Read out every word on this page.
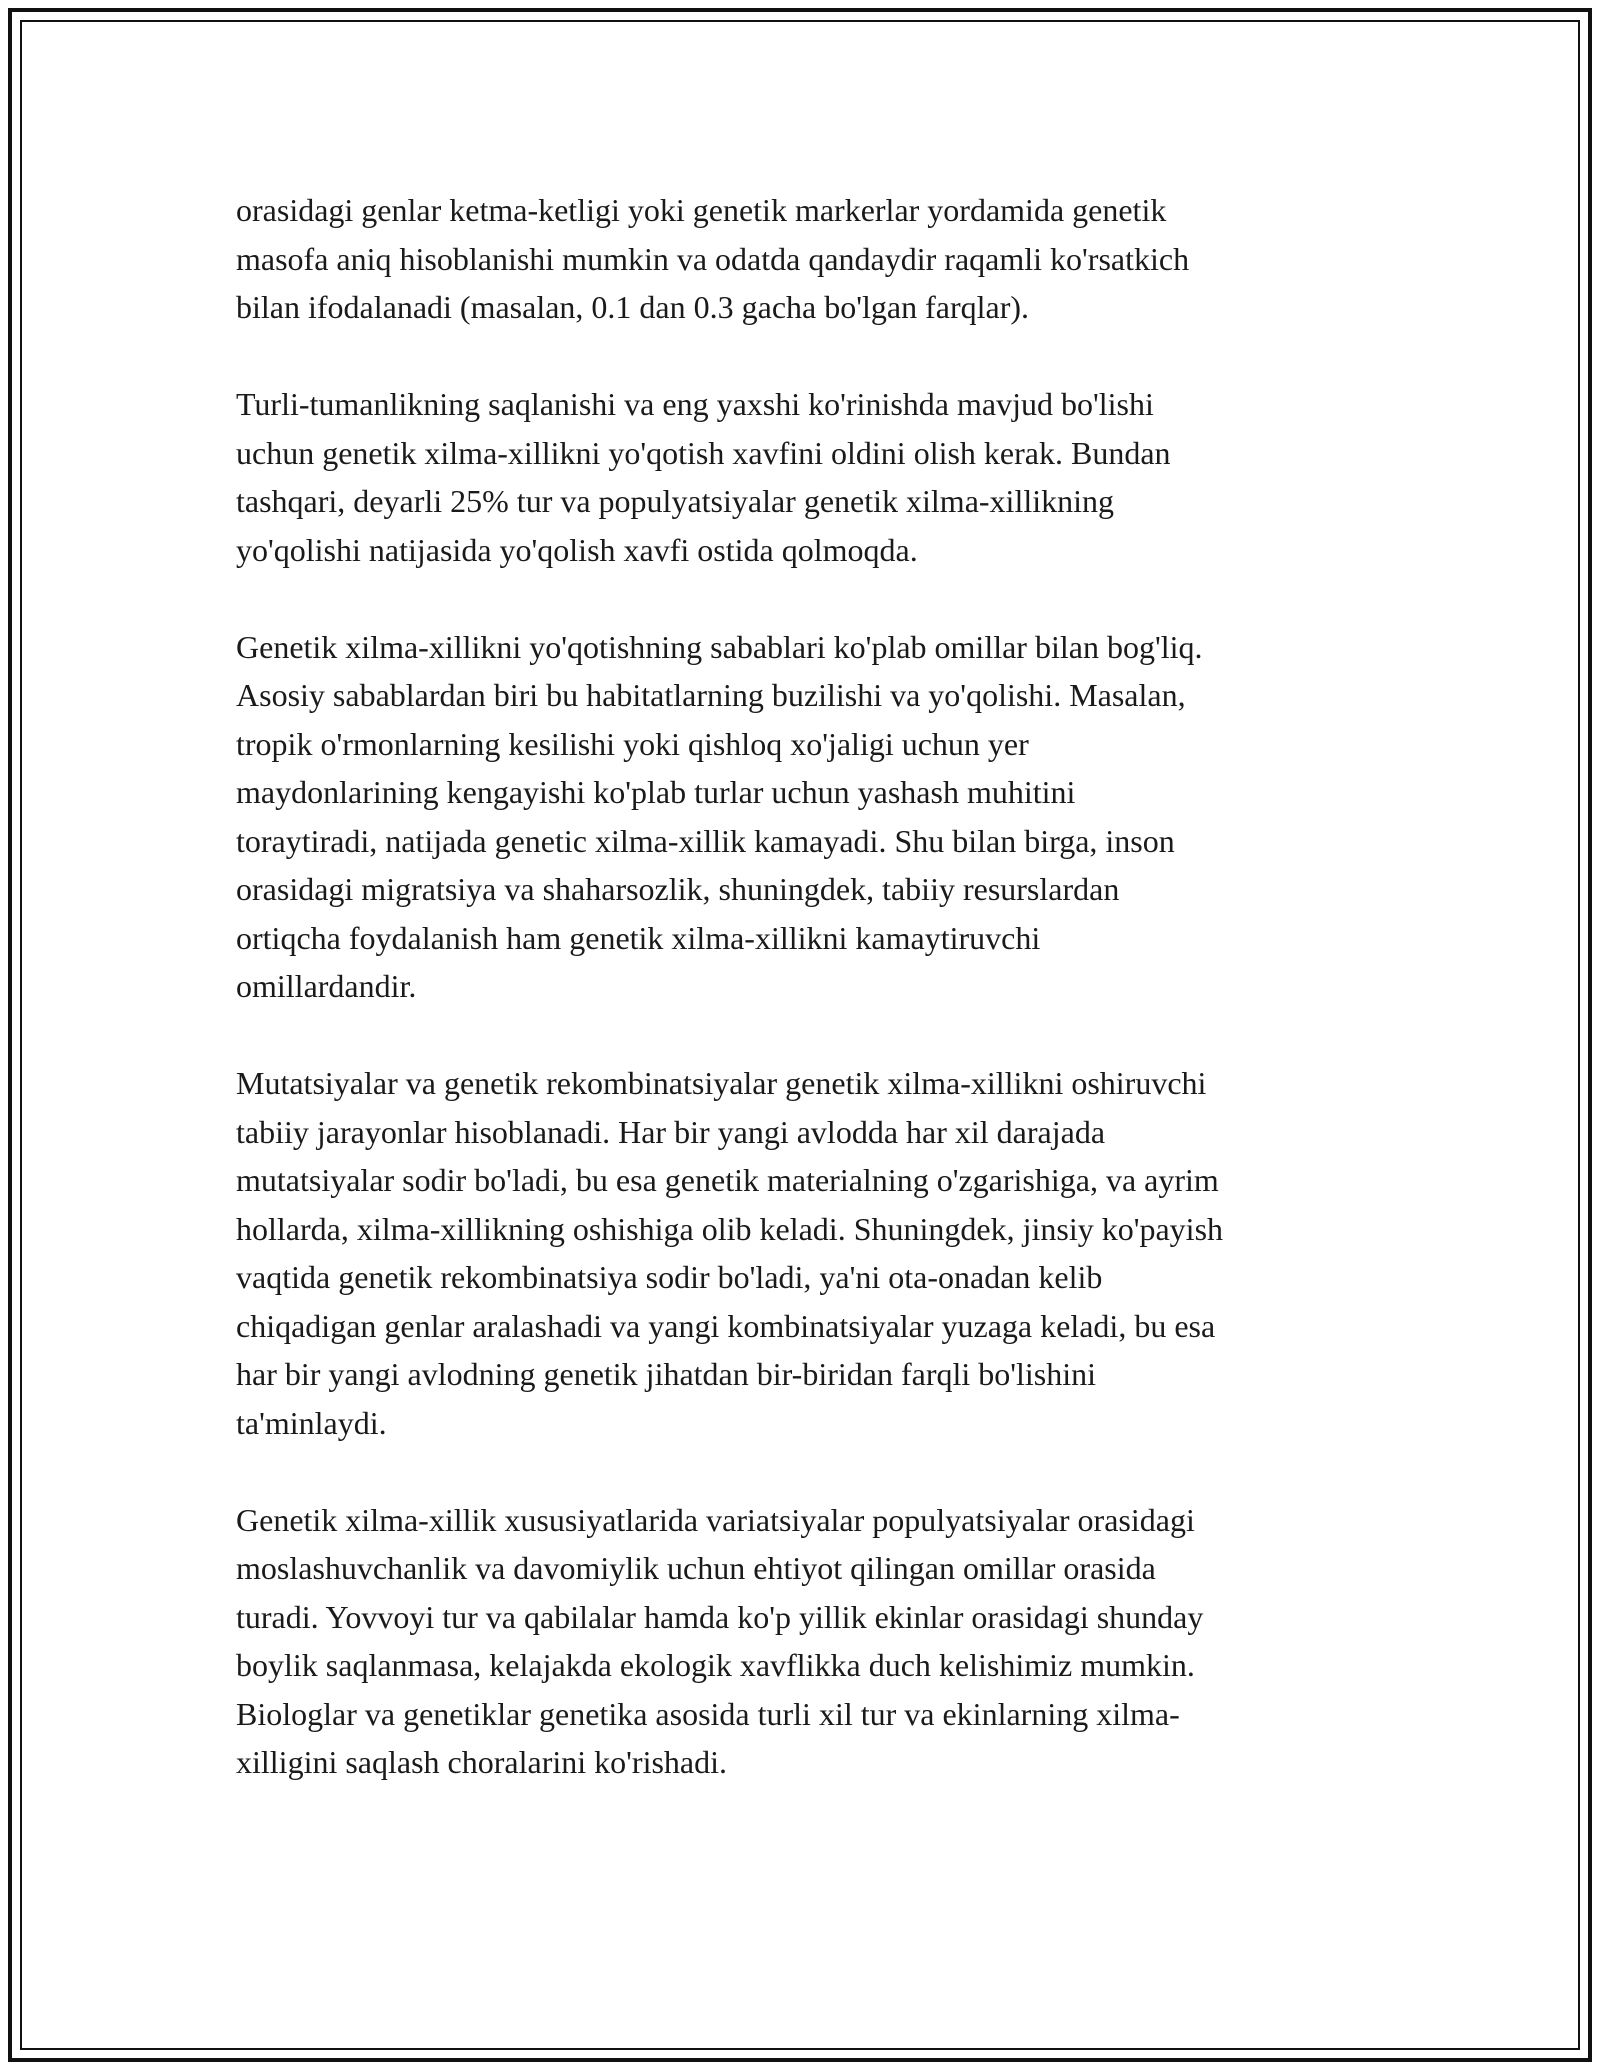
orasidagi genlar ketma-ketligi yoki genetik markerlar yordamida genetik
masofa aniq hisoblanishi mumkin va odatda qandaydir raqamli ko'rsatkich
bilan ifodalanadi (masalan, 0.1 dan 0.3 gacha bo'lgan farqlar).

Turli-tumanlikning saqlanishi va eng yaxshi ko'rinishda mavjud bo'lishi
uchun genetik xilma-xillikni yo'qotish xavfini oldini olish kerak. Bundan
tashqari, deyarli 25% tur va populyatsiyalar genetik xilma-xillikning
yo'qolishi natijasida yo'qolish xavfi ostida qolmoqda.

Genetik xilma-xillikni yo'qotishning sabablari ko'plab omillar bilan bog'liq.
Asosiy sabablardan biri bu habitatlarning buzilishi va yo'qolishi. Masalan,
tropik o'rmonlarning kesilishi yoki qishloq xo'jaligi uchun yer
maydonlarining kengayishi ko'plab turlar uchun yashash muhitini
toraytiradi, natijada genetic xilma-xillik kamayadi. Shu bilan birga, inson
orasidagi migratsiya va shaharsozlik, shuningdek, tabiiy resurslardan
ortiqcha foydalanish ham genetik xilma-xillikni kamaytiruvchi
omillardandir.

Mutatsiyalar va genetik rekombinatsiyalar genetik xilma-xillikni oshiruvchi
tabiiy jarayonlar hisoblanadi. Har bir yangi avlodda har xil darajada
mutatsiyalar sodir bo'ladi, bu esa genetik materialning o'zgarishiga, va ayrim
hollarda, xilma-xillikning oshishiga olib keladi. Shuningdek, jinsiy ko'payish
vaqtida genetik rekombinatsiya sodir bo'ladi, ya'ni ota-onadan kelib
chiqadigan genlar aralashadi va yangi kombinatsiyalar yuzaga keladi, bu esa
har bir yangi avlodning genetik jihatdan bir-biridan farqli bo'lishini
ta'minlaydi.

Genetik xilma-xillik xususiyatlarida variatsiyalar populyatsiyalar orasidagi
moslashuvchanlik va davomiylik uchun ehtiyot qilingan omillar orasida
turadi. Yovvoyi tur va qabilalar hamda ko'p yillik ekinlar orasidagi shunday
boylik saqlanmasa, kelajakda ekologik xavflikka duch kelishimiz mumkin.
Biologlar va genetiklar genetika asosida turli xil tur va ekinlarning xilma-
xilligini saqlash choralarini ko'rishadi.
